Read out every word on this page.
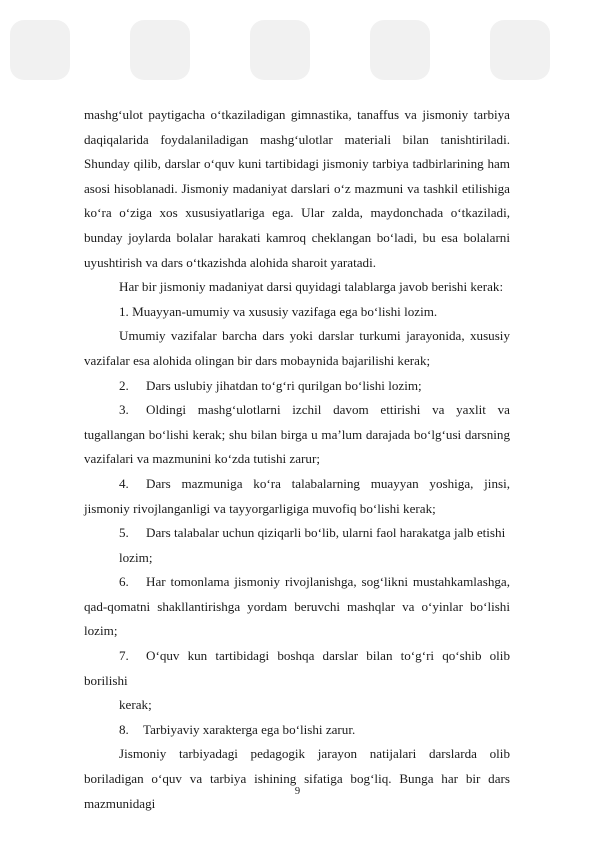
mashg‘ulot paytigacha o‘tkaziladigan gimnastika, tanaffus va jismoniy tarbiya daqiqalarida foydalaniladigan mashg‘ulotlar materiali bilan tanishtiriladi. Shunday qilib, darslar o‘quv kuni tartibidagi jismoniy tarbiya tadbirlarining ham asosi hisoblanadi. Jismoniy madaniyat darslari o‘z mazmuni va tashkil etilishiga ko‘ra o‘ziga xos xususiyatlariga ega. Ular zalda, maydonchada o‘tkaziladi, bunday joylarda bolalar harakati kamroq cheklangan bo‘ladi, bu esa bolalarni uyushtirish va dars o‘tkazishda alohida sharoit yaratadi.

Har bir jismoniy madaniyat darsi quyidagi talablarga javob berishi kerak:

1. Muayyan-umumiy va xususiy vazifaga ega bo‘lishi lozim.

Umumiy vazifalar barcha dars yoki darslar turkumi jarayonida, xususiy vazifalar esa alohida olingan bir dars mobaynida bajarilishi kerak;

2. Dars uslubiy jihatdan to‘g‘ri qurilgan bo‘lishi lozim;

3. Oldingi mashg‘ulotlarni izchil davom ettirishi va yaxlit va tugallangan bo‘lishi kerak; shu bilan birga u ma’lum darajada bo‘lg‘usi darsning vazifalari va mazmunini ko‘zda tutishi zarur;

4. Dars mazmuniga ko‘ra talabalarning muayyan yoshiga, jinsi, jismoniy rivojlanganligi va tayyorgarligiga muvofiq bo‘lishi kerak;

5. Dars talabalar uchun qiziqarli bo‘lib, ularni faol harakatga jalb etishi

lozim;

6. Har tomonlama jismoniy rivojlanishga, sog‘likni mustahkamlashga, qad-qomatni shakllantirishga yordam beruvchi mashqlar va o‘yinlar bo‘lishi lozim;

7. O‘quv kun tartibidagi boshqa darslar bilan to‘g‘ri qo‘shib olib borilishi

kerak;

8. Tarbiyaviy xarakterga ega bo‘lishi zarur.

Jismoniy tarbiyadagi pedagogik jarayon natijalari darslarda olib boriladigan o‘quv va tarbiya ishining sifatiga bog‘liq. Bunga har bir dars mazmunidagi

9
